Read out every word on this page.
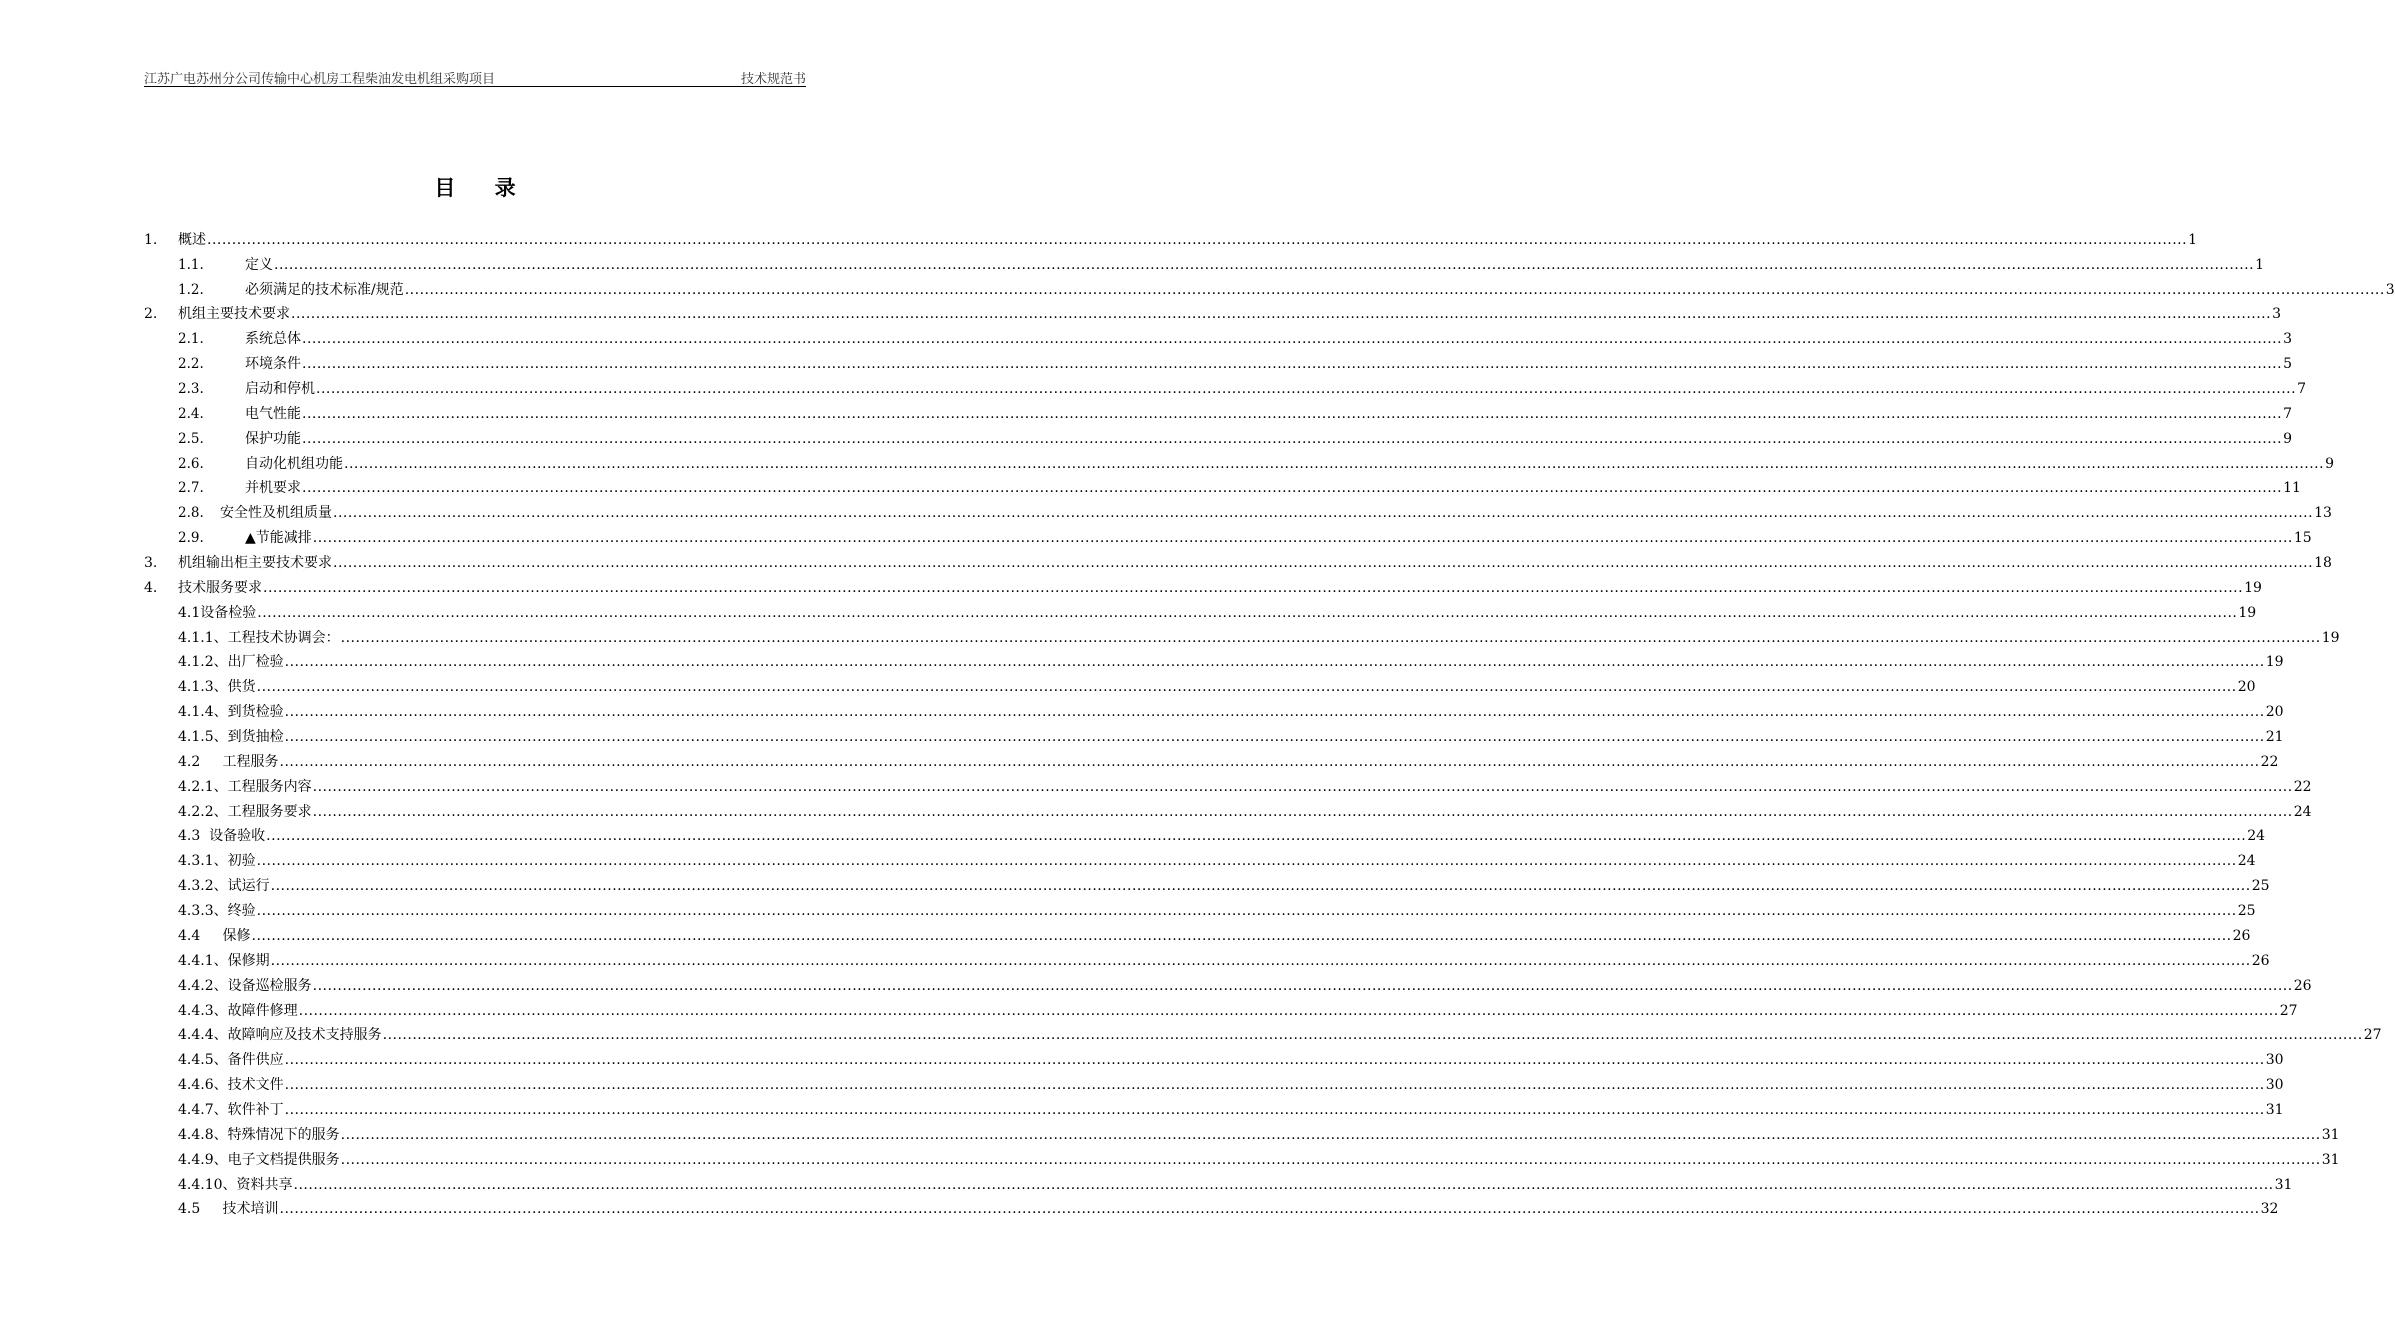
江苏广电苏州分公司传输中心机房工程柴油发电机组采购项目	技术规范书
目 录
1.	概述 ................................................................................................................................................................................................................................................................................................................................................................................................................ 1
1.1.	定义 ................................................................................................................................................................................................................................................................................................................................................................................................................ 1
1.2.	必须满足的技术标准/规范 ................................................................................................................................................................................................................................................................................................................................................................................................................ 3
2.	机组主要技术要求 ................................................................................................................................................................................................................................................................................................................................................................................................................ 3
2.1.	系统总体 ................................................................................................................................................................................................................................................................................................................................................................................................................ 3
2.2.	环境条件 ................................................................................................................................................................................................................................................................................................................................................................................................................ 5
2.3.	启动和停机 ................................................................................................................................................................................................................................................................................................................................................................................................................ 7
2.4.	电气性能 ................................................................................................................................................................................................................................................................................................................................................................................................................ 7
2.5.	保护功能 ................................................................................................................................................................................................................................................................................................................................................................................................................ 9
2.6.	自动化机组功能 ................................................................................................................................................................................................................................................................................................................................................................................................................ 9
2.7.	并机要求 ................................................................................................................................................................................................................................................................................................................................................................................................................ 11
2.8.	安全性及机组质量 ................................................................................................................................................................................................................................................................................................................................................................................................................ 13
2.9.	▲节能减排 ................................................................................................................................................................................................................................................................................................................................................................................................................ 15
3.	机组输出柜主要技术要求 ................................................................................................................................................................................................................................................................................................................................................................................................................ 18
4.	技术服务要求 ................................................................................................................................................................................................................................................................................................................................................................................................................ 19
4.1 设备检验 ................................................................................................................................................................................................................................................................................................................................................................................................................ 19
4.1.1、 工程技术协调会： ................................................................................................................................................................................................................................................................................................................................................................................................................ 19
4.1.2、 出厂检验 ................................................................................................................................................................................................................................................................................................................................................................................................................ 19
4.1.3、 供货 ................................................................................................................................................................................................................................................................................................................................................................................................................ 20
4.1.4、 到货检验 ................................................................................................................................................................................................................................................................................................................................................................................................................ 20
4.1.5、 到货抽检 ................................................................................................................................................................................................................................................................................................................................................................................................................ 21
4.2 工程服务 ................................................................................................................................................................................................................................................................................................................................................................................................................ 22
4.2.1、 工程服务内容 ................................................................................................................................................................................................................................................................................................................................................................................................................ 22
4.2.2、 工程服务要求 ................................................................................................................................................................................................................................................................................................................................................................................................................ 24
4.3 设备验收 ................................................................................................................................................................................................................................................................................................................................................................................................................ 24
4.3.1、 初验 ................................................................................................................................................................................................................................................................................................................................................................................................................ 24
4.3.2、 试运行 ................................................................................................................................................................................................................................................................................................................................................................................................................ 25
4.3.3、 终验 ................................................................................................................................................................................................................................................................................................................................................................................................................ 25
4.4 保修 ................................................................................................................................................................................................................................................................................................................................................................................................................ 26
4.4.1、 保修期 ................................................................................................................................................................................................................................................................................................................................................................................................................ 26
4.4.2、 设备巡检服务 ................................................................................................................................................................................................................................................................................................................................................................................................................ 26
4.4.3、 故障件修理 ................................................................................................................................................................................................................................................................................................................................................................................................................ 27
4.4.4、 故障响应及技术支持服务 ................................................................................................................................................................................................................................................................................................................................................................................................................ 27
4.4.5、 备件供应 ................................................................................................................................................................................................................................................................................................................................................................................................................ 30
4.4.6、 技术文件 ................................................................................................................................................................................................................................................................................................................................................................................................................ 30
4.4.7、 软件补丁 ................................................................................................................................................................................................................................................................................................................................................................................................................ 31
4.4.8、 特殊情况下的服务 ................................................................................................................................................................................................................................................................................................................................................................................................................ 31
4.4.9、 电子文档提供服务 ................................................................................................................................................................................................................................................................................................................................................................................................................ 31
4.4.10、 资料共享 ................................................................................................................................................................................................................................................................................................................................................................................................................ 31
4.5 技术培训 ................................................................................................................................................................................................................................................................................................................................................................................................................ 32
